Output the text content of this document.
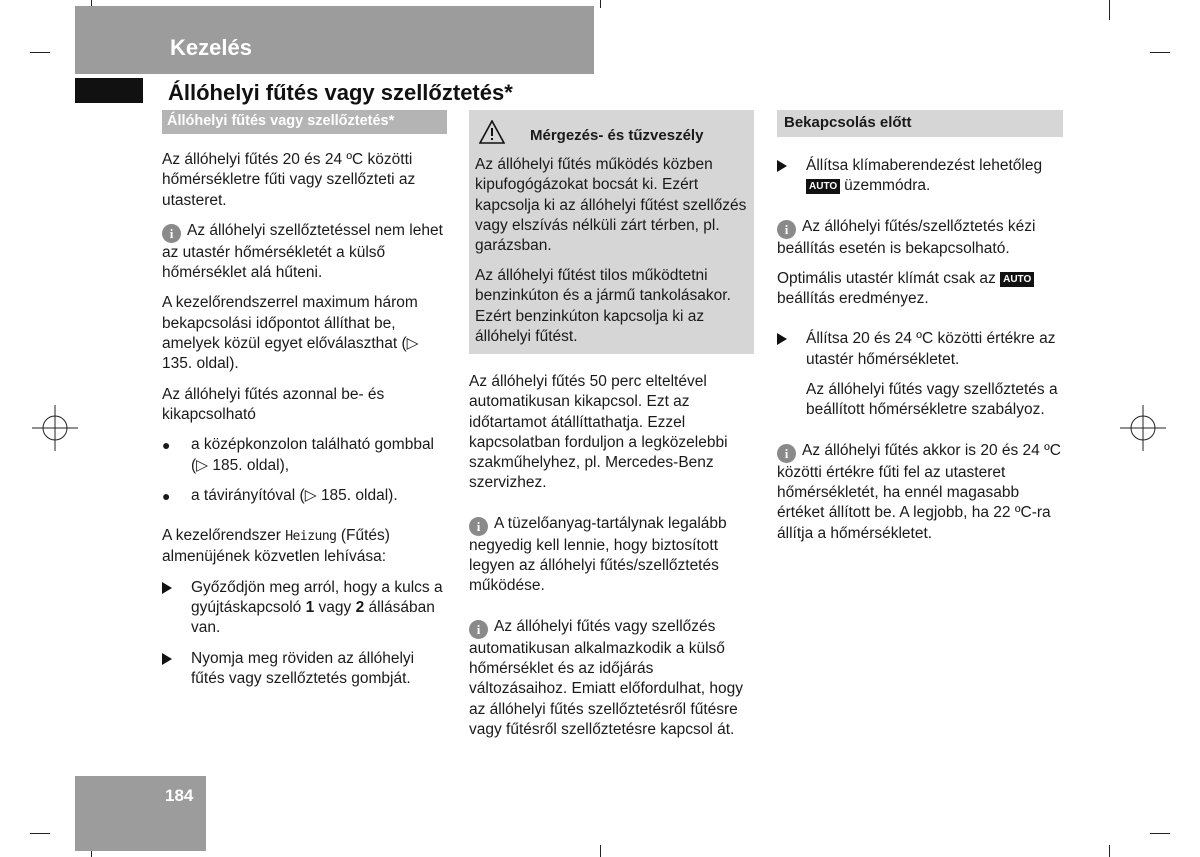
Kezelés
Állóhelyi fűtés vagy szellőztetés*
Állóhelyi fűtés vagy szellőztetés*

Az állóhelyi fűtés 20 és 24 ºC közötti hőmérsékletre fűti vagy szellőzteti az utasteret.

i Az állóhelyi szellőztetéssel nem lehet az utastér hőmérsékletét a külső hőmérséklet alá hűteni.

A kezelőrendszerrel maximum három bekapcsolási időpontot állíthat be, amelyek közül egyet előválaszthat (▷ 135. oldal).

Az állóhelyi fűtés azonnal be- és kikapcsolható

● a középkonzolon található gombbal (▷ 185. oldal),
● a távirányítóval (▷ 185. oldal).

A kezelőrendszer Heizung (Fűtés) almenüjének közvetlen lehívása:

Győződjön meg arról, hogy a kulcs a gyújtáskapcsoló 1 vagy 2 állásában van.
Nyomja meg röviden az állóhelyi fűtés vagy szellőztetés gombját.
Mérgezés- és tűzveszély

Az állóhelyi fűtés működés közben kipufogógázokat bocsát ki. Ezért kapcsolja ki az állóhelyi fűtést szellőzés vagy elszívás nélküli zárt térben, pl. garázsban.

Az állóhelyi fűtést tilos működtetni benzinkúton és a jármű tankolásakor. Ezért benzinkúton kapcsolja ki az állóhelyi fűtést.

Az állóhelyi fűtés 50 perc elteltével automatikusan kikapcsol. Ezt az időtartamot átállíttathatja. Ezzel kapcsolatban forduljon a legközelebbi szakműhelyhez, pl. Mercedes-Benz szervizhez.

i A tüzelőanyag-tartálynak legalább negyedig kell lennie, hogy biztosított legyen az állóhelyi fűtés/szellőztetés működése.

i Az állóhelyi fűtés vagy szellőzés automatikusan alkalmazkodik a külső hőmérséklet és az időjárás változásaihoz. Emiatt előfordulhat, hogy az állóhelyi fűtés szellőztetésről fűtésre vagy fűtésről szellőztetésre kapcsol át.

Bekapcsolás előtt
Állítsa klímaberendezést lehetőleg
AUTO üzemmódra.

i Az állóhelyi fűtés/szellőztetés kézi beállítás esetén is bekapcsolható.

Optimális utastér klímát csak az AUTO
beállítás eredményez.

Állítsa 20 és 24 ºC közötti értékre az utastér hőmérsékletet.

Az állóhelyi fűtés vagy szellőztetés a beállított hőmérsékletre szabályoz.

i Az állóhelyi fűtés akkor is 20 és 24 ºC közötti értékre fűti fel az utasteret hőmérsékletét, ha ennél magasabb értéket állított be. A legjobb, ha 22 ºC-ra állítja a hőmérsékletet.

184
